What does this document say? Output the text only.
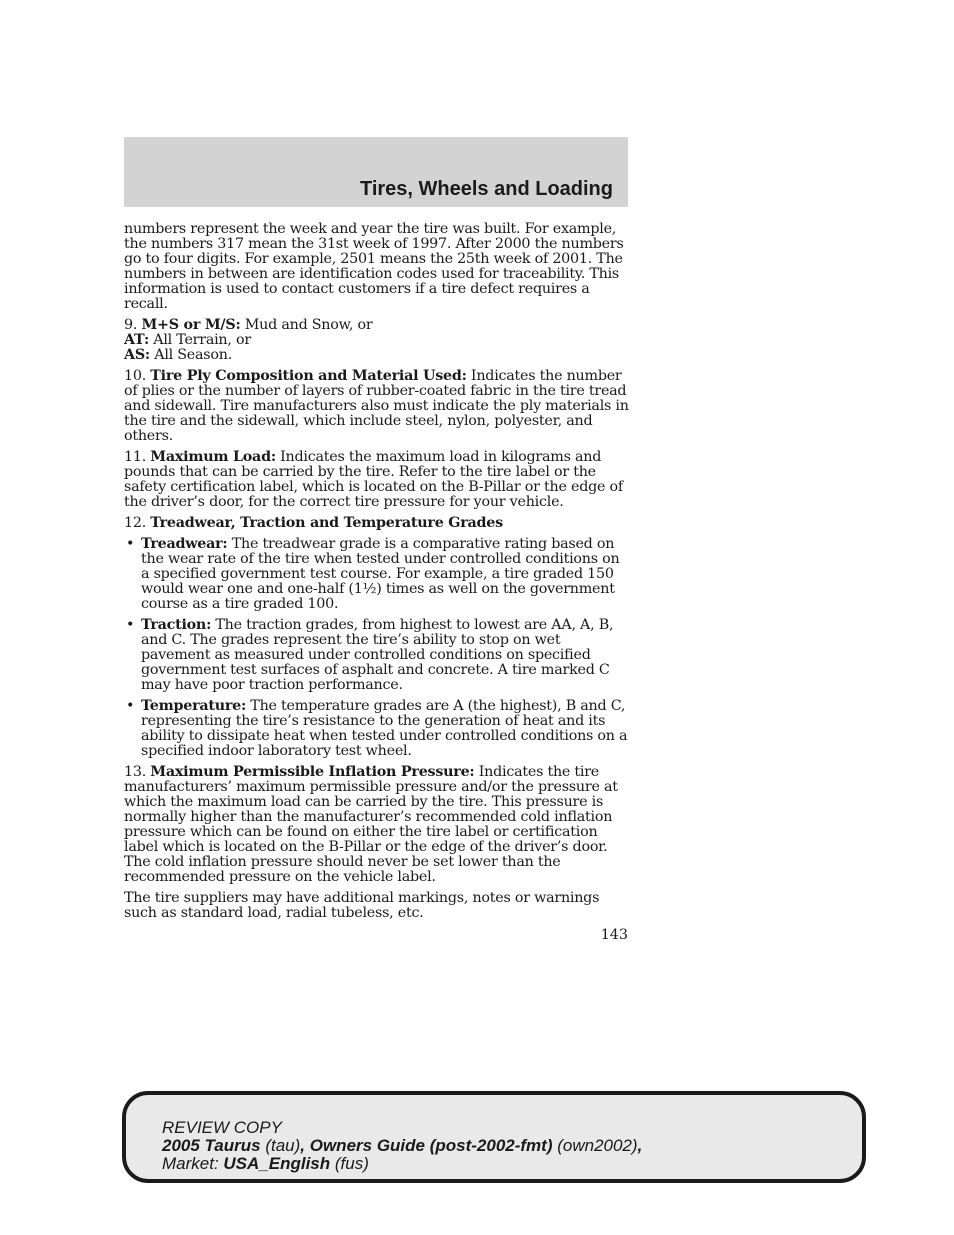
Tires, Wheels and Loading

numbers represent the week and year the tire was built. For example, the numbers 317 mean the 31st week of 1997. After 2000 the numbers go to four digits. For example, 2501 means the 25th week of 2001. The numbers in between are identification codes used for traceability. This information is used to contact customers if a tire defect requires a recall.

9. M+S or M/S: Mud and Snow, or
AT: All Terrain, or
AS: All Season.

10. Tire Ply Composition and Material Used: Indicates the number of plies or the number of layers of rubber-coated fabric in the tire tread and sidewall. Tire manufacturers also must indicate the ply materials in the tire and the sidewall, which include steel, nylon, polyester, and others.

11. Maximum Load: Indicates the maximum load in kilograms and pounds that can be carried by the tire. Refer to the tire label or the safety certification label, which is located on the B-Pillar or the edge of the driver’s door, for the correct tire pressure for your vehicle.

12. Treadwear, Traction and Temperature Grades

• Treadwear: The treadwear grade is a comparative rating based on the wear rate of the tire when tested under controlled conditions on a specified government test course. For example, a tire graded 150 would wear one and one-half (1½) times as well on the government course as a tire graded 100.
• Traction: The traction grades, from highest to lowest are AA, A, B, and C. The grades represent the tire’s ability to stop on wet pavement as measured under controlled conditions on specified government test surfaces of asphalt and concrete. A tire marked C may have poor traction performance.
• Temperature: The temperature grades are A (the highest), B and C, representing the tire’s resistance to the generation of heat and its ability to dissipate heat when tested under controlled conditions on a specified indoor laboratory test wheel.

13. Maximum Permissible Inflation Pressure: Indicates the tire manufacturers’ maximum permissible pressure and/or the pressure at which the maximum load can be carried by the tire. This pressure is normally higher than the manufacturer’s recommended cold inflation pressure which can be found on either the tire label or certification label which is located on the B-Pillar or the edge of the driver’s door. The cold inflation pressure should never be set lower than the recommended pressure on the vehicle label.

The tire suppliers may have additional markings, notes or warnings such as standard load, radial tubeless, etc.

143
REVIEW COPY
2005 Taurus (tau), Owners Guide (post-2002-fmt) (own2002),
Market: USA_English (fus)
